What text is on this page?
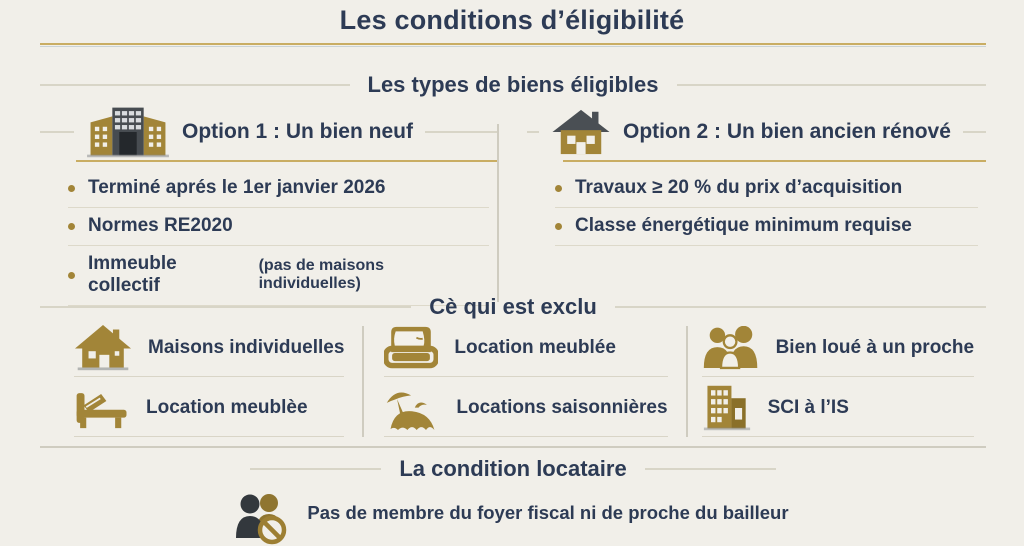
Les conditions d’éligibilité
Les types de biens éligibles
Option 1 : Un bien neuf
Terminé aprés le 1er janvier 2026
Normes RE2020
Immeuble collectif
(pas de maisons individuelles)
Option 2 : Un bien ancien rénové
Travaux ≥ 20 % du prix d’acquisition
Classe énergétique minimum requise
Cè qui est exclu
Maisons individuelles
Location meublèe
Location meublée
Locations saisonnières
Bien loué à un proche
SCI à l’IS
La condition locataire
Pas de membre du foyer fiscal ni de proche du bailleur
